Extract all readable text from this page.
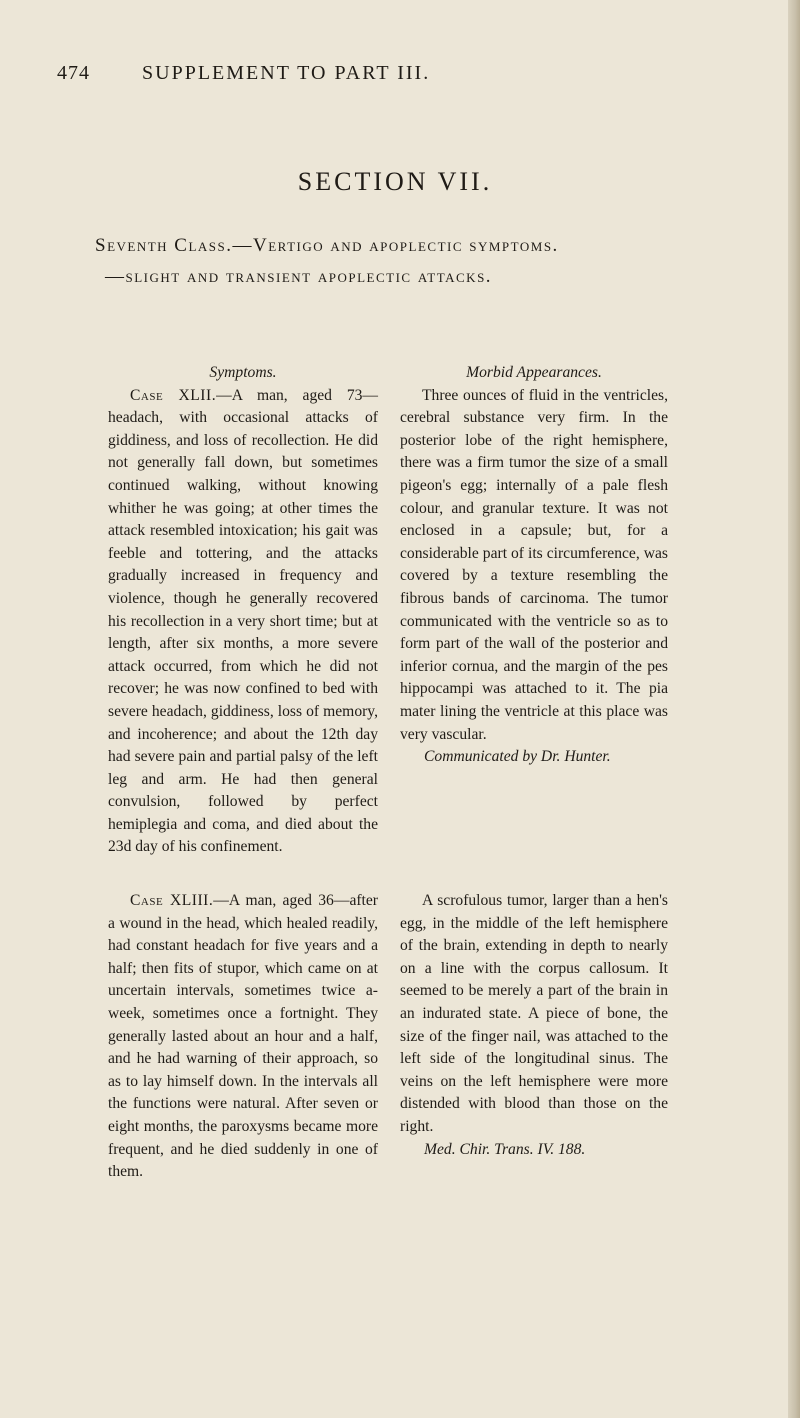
474	SUPPLEMENT TO PART III.
SECTION VII.
Seventh Class.—Vertigo and apoplectic symptoms.
—slight and transient apoplectic attacks.
Symptoms.

Case XLII.—A man, aged 73—headach, with occasional attacks of giddiness, and loss of recollection. He did not generally fall down, but sometimes continued walking, without knowing whither he was going; at other times the attack resembled intoxication; his gait was feeble and tottering, and the attacks gradually increased in frequency and violence, though he generally recovered his recollection in a very short time; but at length, after six months, a more severe attack occurred, from which he did not recover; he was now confined to bed with severe headach, giddiness, loss of memory, and incoherence; and about the 12th day had severe pain and partial palsy of the left leg and arm. He had then general convulsion, followed by perfect hemiplegia and coma, and died about the 23d day of his confinement.

Morbid Appearances.

Three ounces of fluid in the ventricles, cerebral substance very firm. In the posterior lobe of the right hemisphere, there was a firm tumor the size of a small pigeon's egg; internally of a pale flesh colour, and granular texture. It was not enclosed in a capsule; but, for a considerable part of its circumference, was covered by a texture resembling the fibrous bands of carcinoma. The tumor communicated with the ventricle so as to form part of the wall of the posterior and inferior cornua, and the margin of the pes hippocampi was attached to it. The pia mater lining the ventricle at this place was very vascular.

Communicated by Dr. Hunter.

Case XLIII.—A man, aged 36—after a wound in the head, which healed readily, had constant headach for five years and a half; then fits of stupor, which came on at uncertain intervals, sometimes twice a-week, sometimes once a fortnight. They generally lasted about an hour and a half, and he had warning of their approach, so as to lay himself down. In the intervals all the functions were natural. After seven or eight months, the paroxysms became more frequent, and he died suddenly in one of them.

A scrofulous tumor, larger than a hen's egg, in the middle of the left hemisphere of the brain, extending in depth to nearly on a line with the corpus callosum. It seemed to be merely a part of the brain in an indurated state. A piece of bone, the size of the finger nail, was attached to the left side of the longitudinal sinus. The veins on the left hemisphere were more distended with blood than those on the right.

Med. Chir. Trans. IV. 188.
